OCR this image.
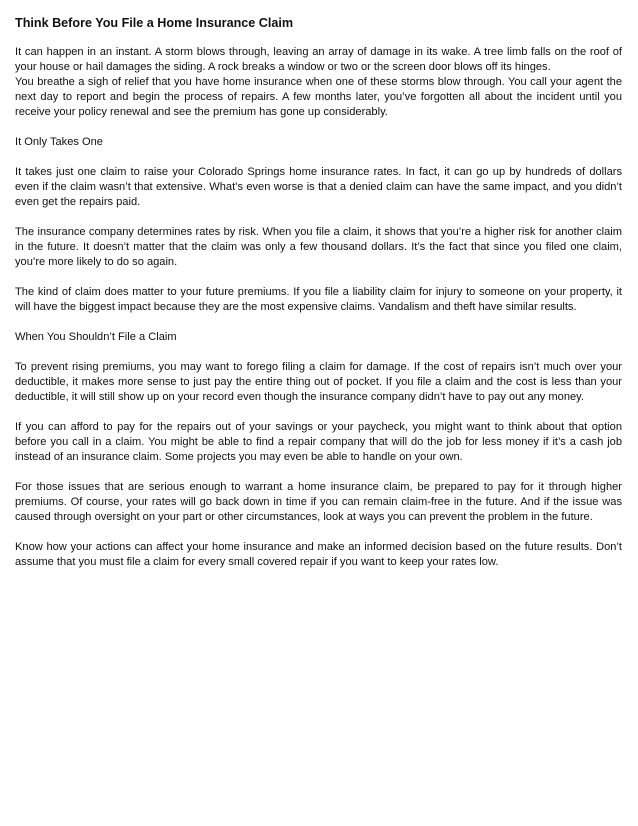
Think Before You File a Home Insurance Claim

It can happen in an instant. A storm blows through, leaving an array of damage in its wake. A tree limb falls on the roof of your house or hail damages the siding. A rock breaks a window or two or the screen door blows off its hinges.

You breathe a sigh of relief that you have home insurance when one of these storms blow through. You call your agent the next day to report and begin the process of repairs. A few months later, you’ve forgotten all about the incident until you receive your policy renewal and see the premium has gone up considerably.

It Only Takes One

It takes just one claim to raise your Colorado Springs home insurance rates. In fact, it can go up by hundreds of dollars even if the claim wasn’t that extensive. What’s even worse is that a denied claim can have the same impact, and you didn’t even get the repairs paid.

The insurance company determines rates by risk. When you file a claim, it shows that you’re a higher risk for another claim in the future. It doesn’t matter that the claim was only a few thousand dollars. It’s the fact that since you filed one claim, you’re more likely to do so again.

The kind of claim does matter to your future premiums. If you file a liability claim for injury to someone on your property, it will have the biggest impact because they are the most expensive claims. Vandalism and theft have similar results.

When You Shouldn’t File a Claim

To prevent rising premiums, you may want to forego filing a claim for damage. If the cost of repairs isn’t much over your deductible, it makes more sense to just pay the entire thing out of pocket. If you file a claim and the cost is less than your deductible, it will still show up on your record even though the insurance company didn’t have to pay out any money.

If you can afford to pay for the repairs out of your savings or your paycheck, you might want to think about that option before you call in a claim. You might be able to find a repair company that will do the job for less money if it’s a cash job instead of an insurance claim. Some projects you may even be able to handle on your own.

For those issues that are serious enough to warrant a home insurance claim, be prepared to pay for it through higher premiums. Of course, your rates will go back down in time if you can remain claim-free in the future. And if the issue was caused through oversight on your part or other circumstances, look at ways you can prevent the problem in the future.

Know how your actions can affect your home insurance and make an informed decision based on the future results. Don’t assume that you must file a claim for every small covered repair if you want to keep your rates low.
